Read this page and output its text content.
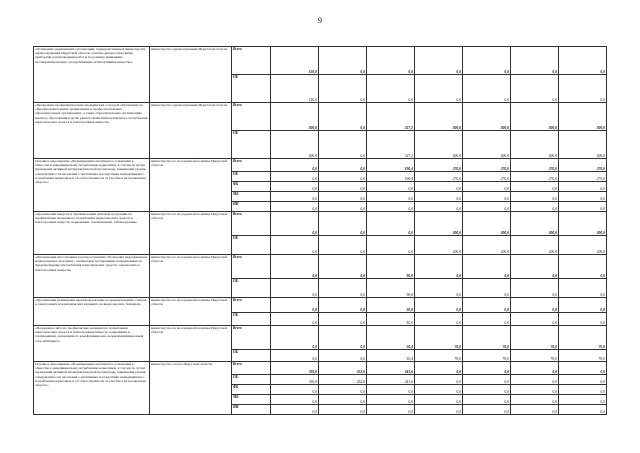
9
«Оснащение медицинских организаций, подведомственных министерству здравоохранения Иркутской области, лечебно-диагностическими приборами для проведения работы по раннему выявлению несовершеннолетних, употребляющих психоактивные вещества»	министерство здравоохранения Иркутской области	Всего	150,0	0,0	0,0	0,0	0,0	0,0	0,0
		ОБ	150,0	0,0	0,0	0,0	0,0	0,0	0,0
«Проведение профилактических медицинских осмотров обучающихся в общеобразовательных организациях и профессиональных образовательных организациях, а также образовательных организациях высшего образования в целях раннего выявления незаконного потребления наркотических средств и психотропных веществ»	министерство здравоохранения Иркутской области	Всего	500,0	0,0	327,2	500,0	500,0	500,0	500,0
		ОБ	500,0	0,0	327,2	500,0	500,0	500,0	500,0
Основное мероприятие «Формирование негативного отношения в обществе к немедицинскому потреблению наркотиков, в том числе путем проведения активной антинаркотической пропаганды, повышения уровня осведомленности населения о негативных последствиях немедицинского потребления наркотиков и об ответственности за участие в их незаконном обороте»	министерство по молодежной политике Иркутской области	Всего	0,0	0,0	190,4	270,0	270,0	270,0	270,0
		ОБ	0,0	0,0	190,4	270,0	270,0	270,0	270,0
		ФБ	0,0	0,0	0,0	0,0	0,0	0,0	0,0
		МБ	0,0	0,0	0,0	0,0	0,0	0,0	0,0
		ИИ	0,0	0,0	0,0	0,0	0,0	0,0	0,0
«Организация выпуска и тиражирования печатной продукции по профилактике незаконного потребления наркотических средств и психотропных веществ, наркомании, токсикомании, табакокурения»	министерство по молодежной политике Иркутской области	Всего	0,0	0,0	0,0	200,0	200,0	200,0	200,0
		ОБ	0,0	0,0	0,0	200,0	200,0	200,0	200,0
«Организация изготовления и распространения обучающих видеофильмов, компьютерных программ с элементами тестирования, направленных на предупреждение употребления наркотических средств, токсических и психотропных веществ»	министерство по молодежной политике Иркутской области	Всего	0,0	0,0	90,0	0,0	0,0	0,0	0,0
		ОБ	0,0	0,0	90,0	0,0	0,0	0,0	0,0
«Организация размещения наружной рекламы на принадлежащих стендах, в электронных и периодических изданиях, на видеоэкранах, баннерах»	министерство по молодежной политике Иркутской области	Всего	0,0	0,0	50,0	0,0	0,0	0,0	0,0
		ОБ	0,0	0,0	50,0	0,0	0,0	0,0	0,0
«Поддержка сайта по профилактике незаконного потребления наркотических средств и психотропных веществ, наркомании и токсикомании, размещенного в информационно-телекоммуникационной сети «Интернет»	министерство по молодежной политике Иркутской области	Всего	0,0	0,0	50,4	70,0	70,0	70,0	70,0
		ОБ	0,0	0,0	50,4	70,0	70,0	70,0	70,0
Основное мероприятие «Формирование негативного отношения в обществе к немедицинскому потреблению наркотиков, в том числе путем проведения активной антинаркотической пропаганды, повышения уровня осведомленности населения о негативных последствиях немедицинского потребления наркотиков и об ответственности за участие в их незаконном обороте»	министерство спорта Иркутской области	Всего	330,0	252,0	241,6	0,0	0,0	0,0	0,0
		ОБ	330,0	252,0	241,6	0,0	0,0	0,0	0,0
		ФБ	0,0	0,0	0,0	0,0	0,0	0,0	0,0
		МБ	0,0	0,0	0,0	0,0	0,0	0,0	0,0
		ИИ	0,0	0,0	0,0	0,0	0,0	0,0	0,0
